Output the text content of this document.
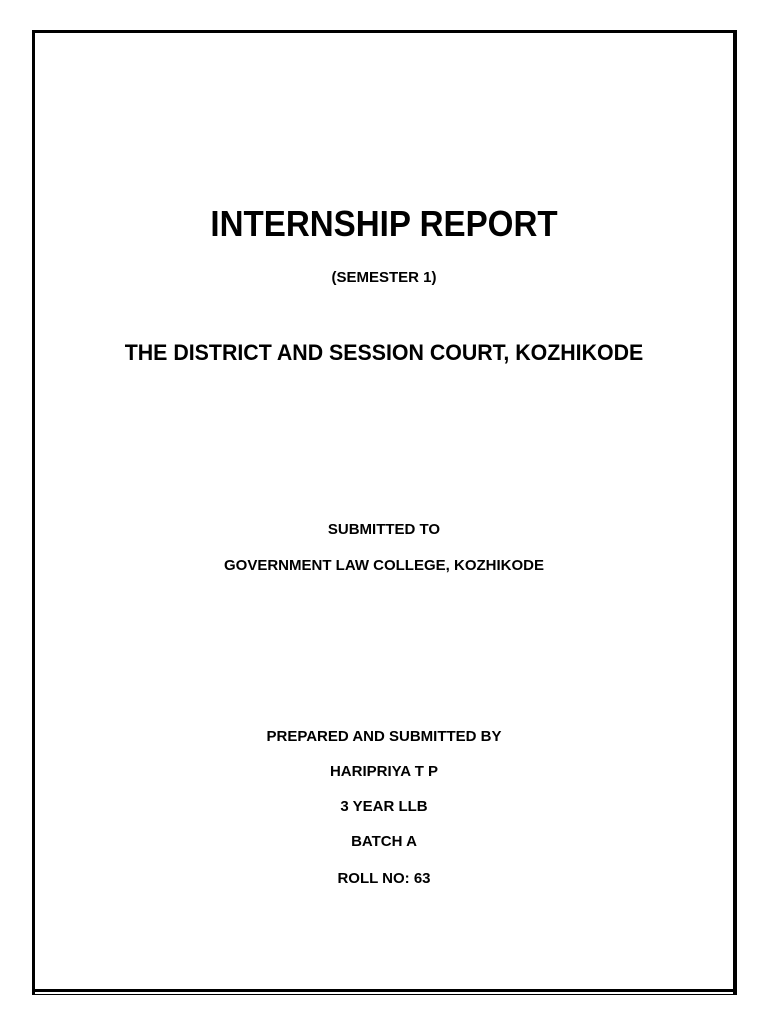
INTERNSHIP REPORT
(SEMESTER 1)
THE DISTRICT AND SESSION COURT, KOZHIKODE
SUBMITTED TO
GOVERNMENT LAW COLLEGE, KOZHIKODE
PREPARED AND SUBMITTED BY
HARIPRIYA T P
3 YEAR LLB
BATCH A
ROLL NO: 63
